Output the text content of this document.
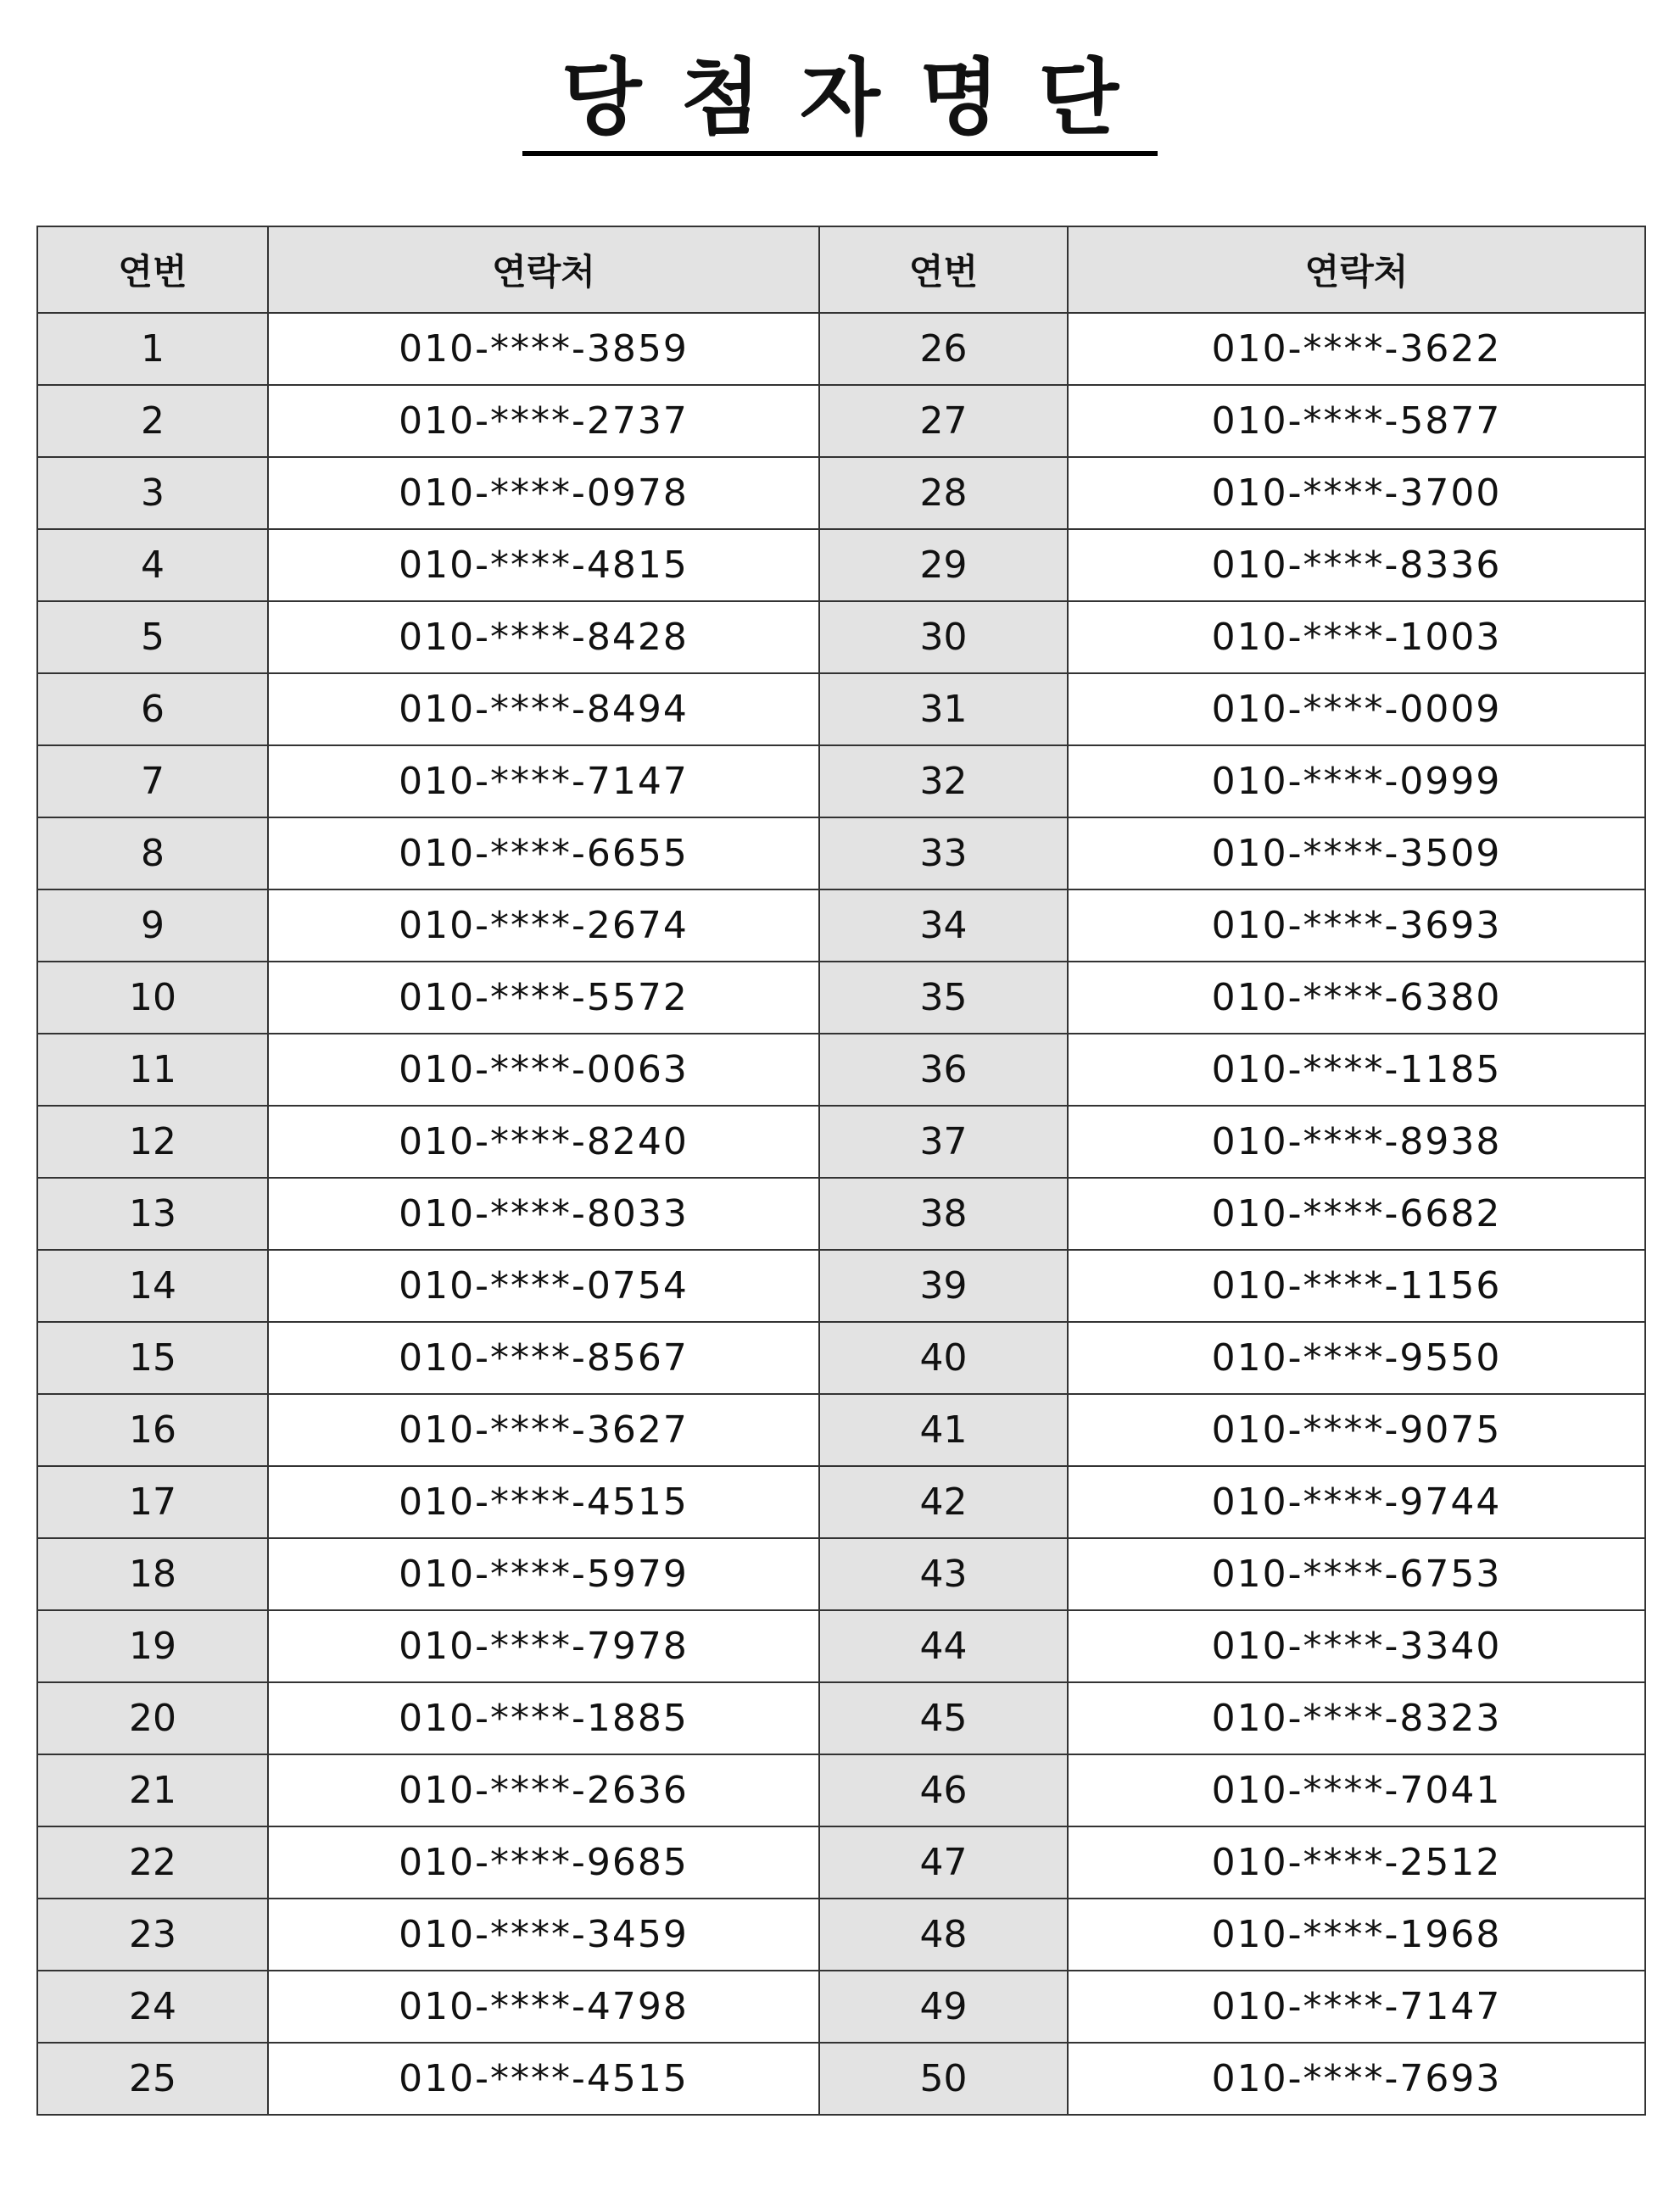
당첨자명단
연번	연락처	연번	연락처
1	010-****-3859	26	010-****-3622
2	010-****-2737	27	010-****-5877
3	010-****-0978	28	010-****-3700
4	010-****-4815	29	010-****-8336
5	010-****-8428	30	010-****-1003
6	010-****-8494	31	010-****-0009
7	010-****-7147	32	010-****-0999
8	010-****-6655	33	010-****-3509
9	010-****-2674	34	010-****-3693
10	010-****-5572	35	010-****-6380
11	010-****-0063	36	010-****-1185
12	010-****-8240	37	010-****-8938
13	010-****-8033	38	010-****-6682
14	010-****-0754	39	010-****-1156
15	010-****-8567	40	010-****-9550
16	010-****-3627	41	010-****-9075
17	010-****-4515	42	010-****-9744
18	010-****-5979	43	010-****-6753
19	010-****-7978	44	010-****-3340
20	010-****-1885	45	010-****-8323
21	010-****-2636	46	010-****-7041
22	010-****-9685	47	010-****-2512
23	010-****-3459	48	010-****-1968
24	010-****-4798	49	010-****-7147
25	010-****-4515	50	010-****-7693
